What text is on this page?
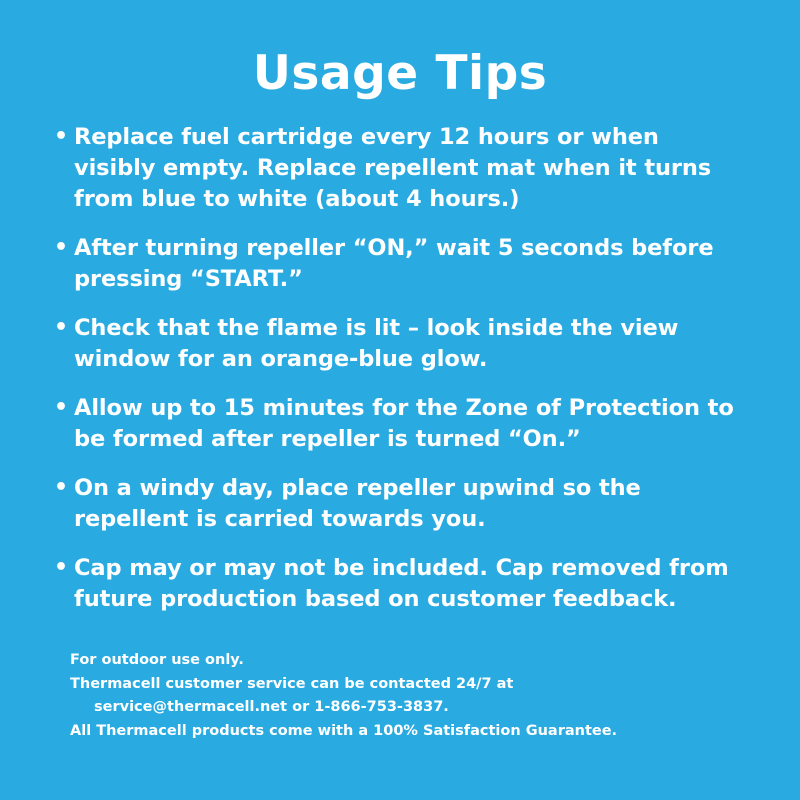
Usage Tips
• Replace fuel cartridge every 12 hours or when visibly empty. Replace repellent mat when it turns from blue to white (about 4 hours.)
• After turning repeller “ON,” wait 5 seconds before pressing “START.”
• Check that the flame is lit – look inside the view window for an orange-blue glow.
• Allow up to 15 minutes for the Zone of Protection to be formed after repeller is turned “On.”
• On a windy day, place repeller upwind so the repellent is carried towards you.
• Cap may or may not be included. Cap removed from future production based on customer feedback.
For outdoor use only.
Thermacell customer service can be contacted 24/7 at
service@thermacell.net or 1-866-753-3837.
All Thermacell products come with a 100% Satisfaction Guarantee.
